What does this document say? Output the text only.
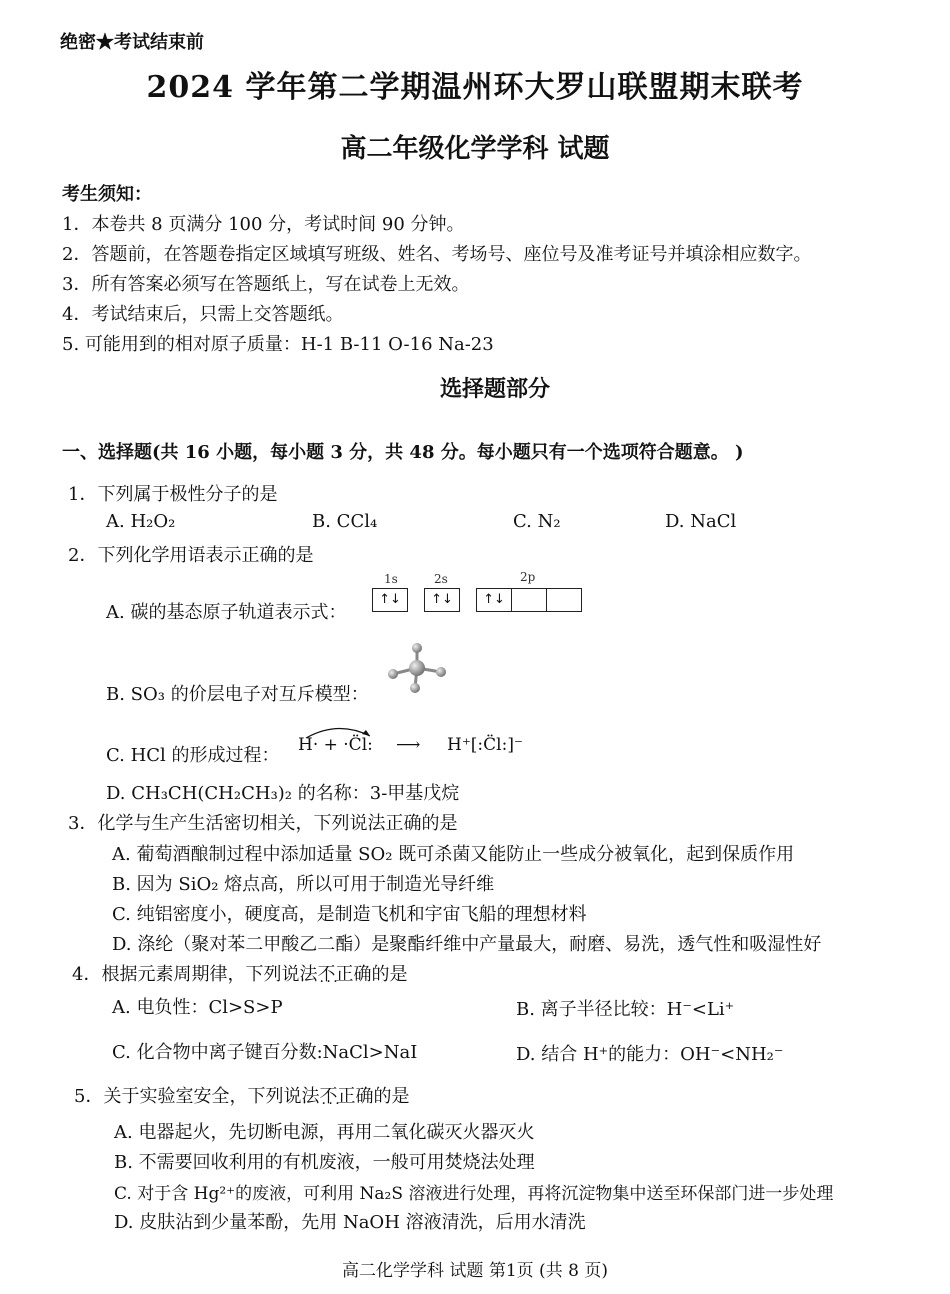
绝密★考试结束前
2024 学年第二学期温州环大罗山联盟期末联考
高二年级化学学科 试题
考生须知：
1．本卷共 8 页满分 100 分，考试时间 90 分钟。
2．答题前，在答题卷指定区域填写班级、姓名、考场号、座位号及准考证号并填涂相应数字。
3．所有答案必须写在答题纸上，写在试卷上无效。
4．考试结束后，只需上交答题纸。
5. 可能用到的相对原子质量：H-1 B-11 O-16 Na-23
选择题部分
一、选择题(共 16 小题，每小题 3 分，共 48 分。每小题只有一个选项符合题意。 )
1．下列属于极性分子的是
A. H₂O₂	B. CCl₄	C. N₂	D. NaCl
2．下列化学用语表示正确的是
A. 碳的基态原子轨道表示式：
1s	2s	2p
↑↓	↑↓	↑↓
B. SO₃ 的价层电子对互斥模型：
C. HCl 的形成过程： H· + ·C̈l: ⟶ H⁺[:C̈l:]⁻
D. CH₃CH(CH₂CH₃)₂ 的名称：3-甲基戊烷
3．化学与生产生活密切相关，下列说法正确的是
A. 葡萄酒酿制过程中添加适量 SO₂ 既可杀菌又能防止一些成分被氧化，起到保质作用
B. 因为 SiO₂ 熔点高，所以可用于制造光导纤维
C. 纯铝密度小，硬度高，是制造飞机和宇宙飞船的理想材料
D. 涤纶（聚对苯二甲酸乙二酯）是聚酯纤维中产量最大，耐磨、易洗，透气性和吸湿性好
4．根据元素周期律，下列说法不正确 · ·的是
A. 电负性：Cl>S>P	B. 离子半径比较：H⁻<Li⁺
C. 化合物中离子键百分数:NaCl>NaI	D. 结合 H⁺的能力：OH⁻<NH₂⁻
5．关于实验室安全，下列说法不正确 · ·的是
A. 电器起火，先切断电源，再用二氧化碳灭火器灭火
B. 不需要回收利用的有机废液，一般可用焚烧法处理
C. 对于含 Hg²⁺的废液，可利用 Na₂S 溶液进行处理，再将沉淀物集中送至环保部门进一步处理
D. 皮肤沾到少量苯酚，先用 NaOH 溶液清洗，后用水清洗
高二化学学科 试题 第1页 (共 8 页)
